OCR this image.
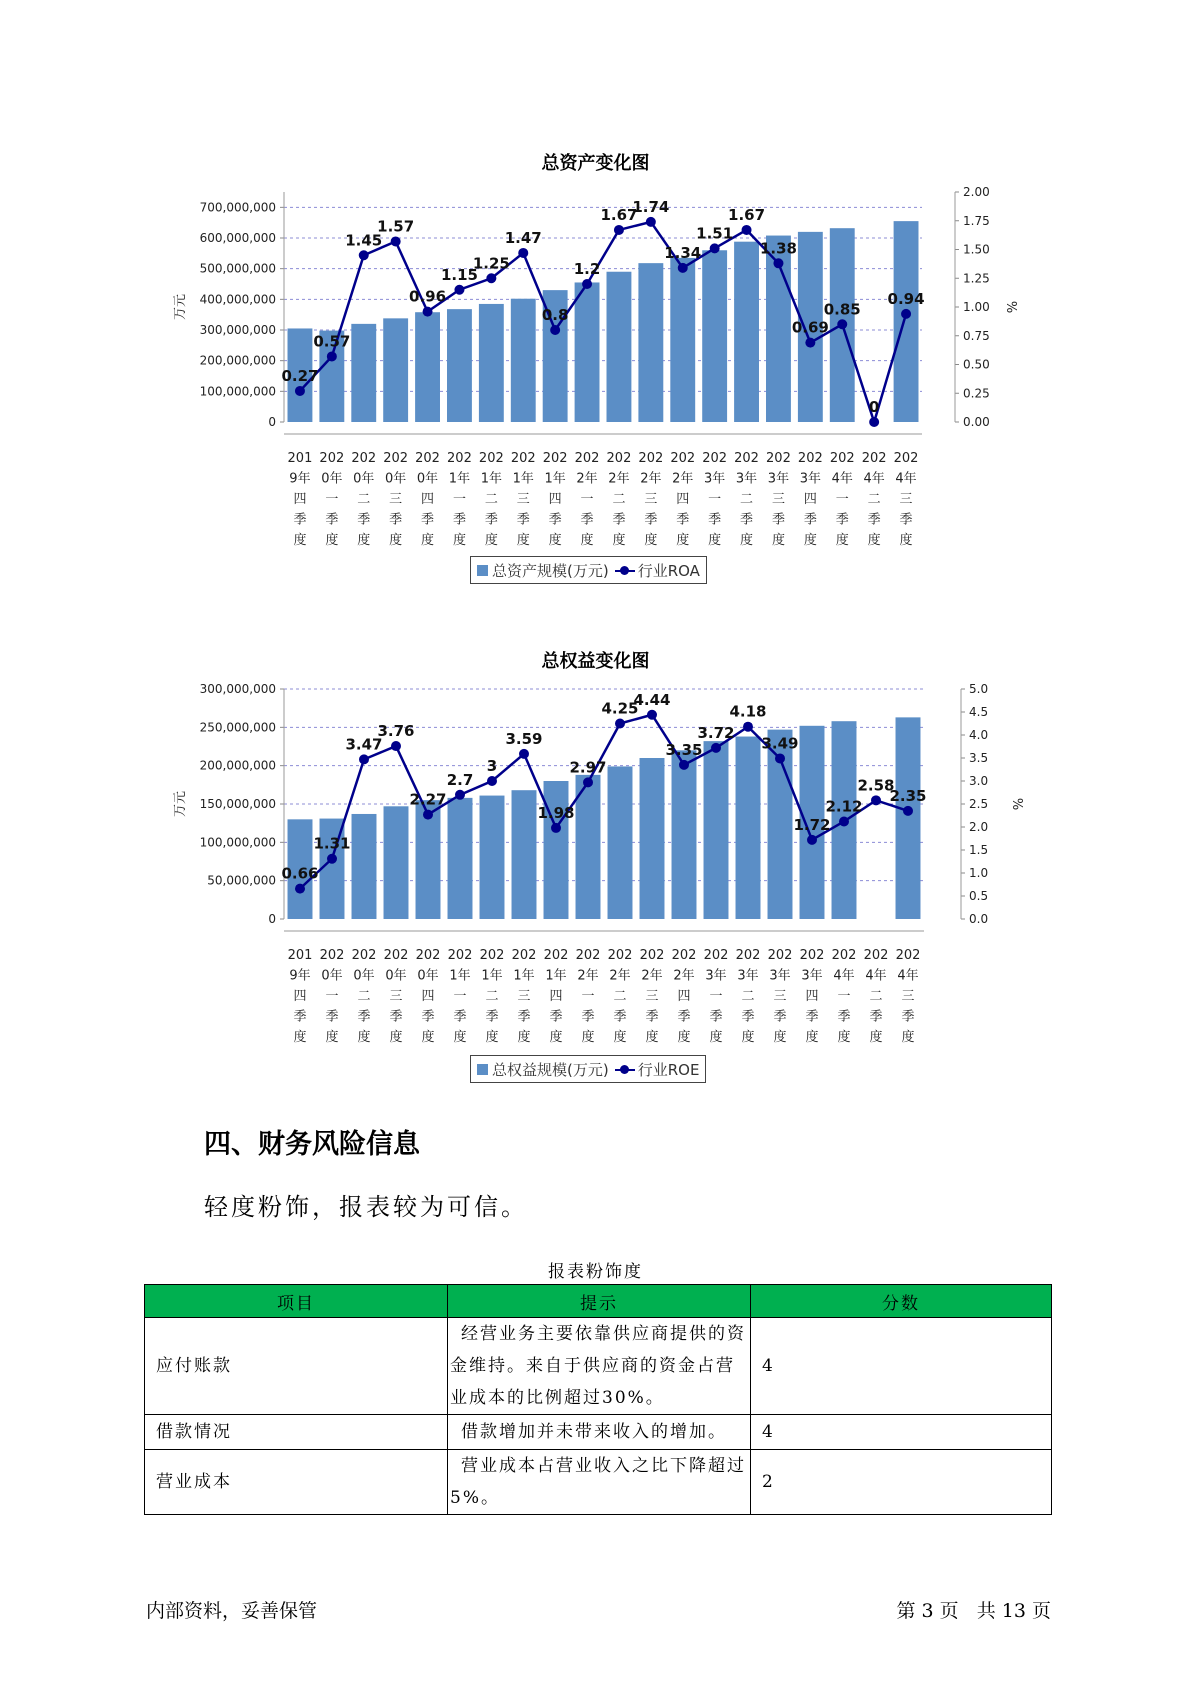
总资产变化图
0
100,000,000
200,000,000
300,000,000
400,000,000
500,000,000
600,000,000
700,000,000
0.00
0.25
0.50
0.75
1.00
1.25
1.50
1.75
2.00
万元	%
201
9年
四
季
度
202
0年
一
季
度
202
0年
二
季
度
202
0年
三
季
度
202
0年
四
季
度
202
1年
一
季
度
202
1年
二
季
度
202
1年
三
季
度
202
1年
四
季
度
202
2年
一
季
度
202
2年
二
季
度
202
2年
三
季
度
202
2年
四
季
度
202
3年
一
季
度
202
3年
二
季
度
202
3年
三
季
度
202
3年
四
季
度
202
4年
一
季
度
202
4年
二
季
度
202
4年
三
季
度
0.27
0.57
1.45
1.57
0.96
1.15
1.25
1.47
0.8
1.2
1.67
1.74
1.34
1.51
1.67
1.38
0.69
0.85
0
0.94
总资产规模(万元) 行业ROA
总权益变化图
0
50,000,000
100,000,000
150,000,000
200,000,000
250,000,000
300,000,000
0.0
0.5
1.0
1.5
2.0
2.5
3.0
3.5
4.0
4.5
5.0
万元	%
201
9年
四
季
度
202
0年
一
季
度
202
0年
二
季
度
202
0年
三
季
度
202
0年
四
季
度
202
1年
一
季
度
202
1年
二
季
度
202
1年
三
季
度
202
1年
四
季
度
202
2年
一
季
度
202
2年
二
季
度
202
2年
三
季
度
202
2年
四
季
度
202
3年
一
季
度
202
3年
二
季
度
202
3年
三
季
度
202
3年
四
季
度
202
4年
一
季
度
202
4年
二
季
度
202
4年
三
季
度
0.66
1.31
3.47
3.76
2.27
2.7
3
3.59
1.98
2.97
4.25
4.44
3.35
3.72
4.18
3.49
1.72
2.12
2.58
2.35
总权益规模(万元) 行业ROE
四、财务风险信息
轻度粉饰，报表较为可信。
报表粉饰度
项目	提示	分数
应付账款	经营业务主要依靠供应商提供的资金维持。来自于供应商的资金占营业成本的比例超过30%。	4
借款情况	借款增加并未带来收入的增加。	4
营业成本	营业成本占营业收入之比下降超过5%。	2
内部资料，妥善保管	第 3 页   共 13 页
